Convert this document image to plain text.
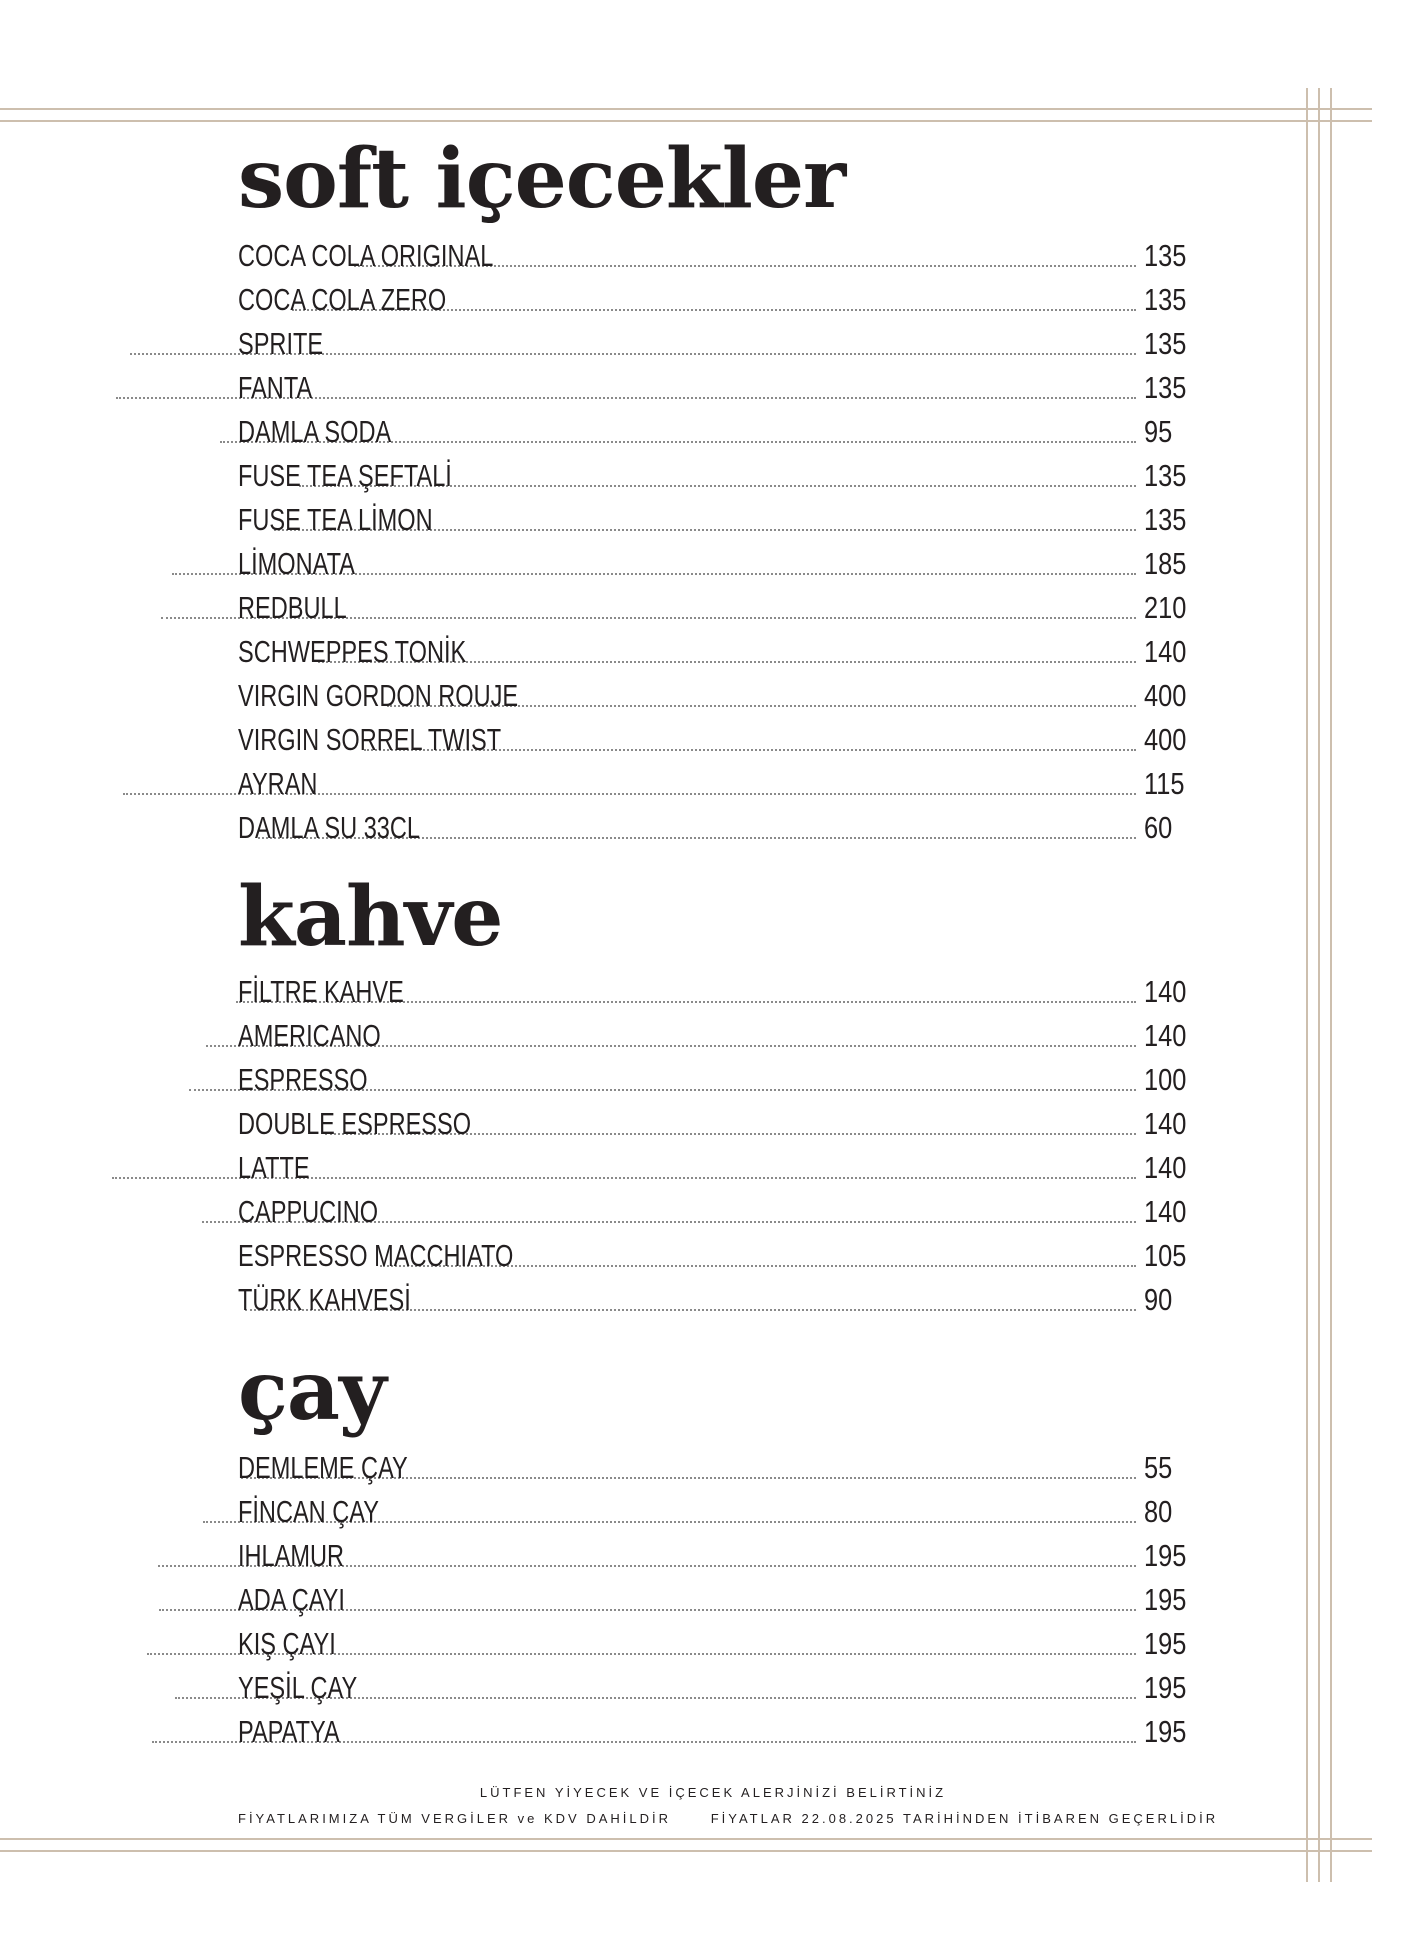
soft içecekler
COCA COLA ORIGINAL	135
COCA COLA ZERO	135
SPRITE	135
FANTA	135
DAMLA SODA	95
FUSE TEA ŞEFTALİ	135
FUSE TEA LİMON	135
LİMONATA	185
REDBULL	210
SCHWEPPES TONİK	140
VIRGIN GORDON ROUJE	400
VIRGIN SORREL TWIST	400
AYRAN	115
DAMLA SU 33CL	60
kahve
FİLTRE KAHVE	140
AMERICANO	140
ESPRESSO	100
DOUBLE ESPRESSO	140
LATTE	140
CAPPUCINO	140
ESPRESSO MACCHIATO	105
TÜRK KAHVESİ	90
çay
DEMLEME ÇAY	55
FİNCAN ÇAY	80
IHLAMUR	195
ADA ÇAYI	195
KIŞ ÇAYI	195
YEŞİL ÇAY	195
PAPATYA	195
LÜTFEN YİYECEK VE İÇECEK ALERJİNİZİ BELİRTİNİZ
FİYATLARIMIZA TÜM VERGİLER ve KDV DAHİLDİR	FİYATLAR 22.08.2025 TARİHİNDEN İTİBAREN GEÇERLİDİR
